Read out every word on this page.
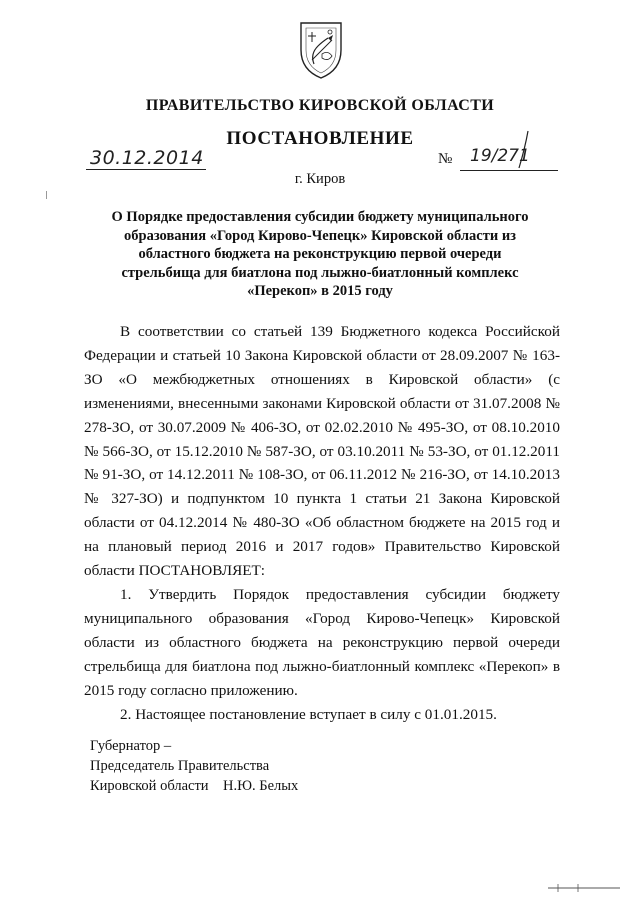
ПРАВИТЕЛЬСТВО КИРОВСКОЙ ОБЛАСТИ
ПОСТАНОВЛЕНИЕ
30.12.2014	№ 19/271
г. Киров
О Порядке предоставления субсидии бюджету муниципального образования «Город Кирово-Чепецк» Кировской области из областного бюджета на реконструкцию первой очереди стрельбища для биатлона под лыжно-биатлонный комплекс «Перекоп» в 2015 году

В соответствии со статьей 139 Бюджетного кодекса Российской Федерации и статьей 10 Закона Кировской области от 28.09.2007 № 163-ЗО «О межбюджетных отношениях в Кировской области» (с изменениями, внесенными законами Кировской области от 31.07.2008 № 278-ЗО, от 30.07.2009 № 406-ЗО, от 02.02.2010 № 495-ЗО, от 08.10.2010 № 566-ЗО, от 15.12.2010 № 587-ЗО, от 03.10.2011 № 53-ЗО, от 01.12.2011 № 91-ЗО, от 14.12.2011 № 108-ЗО, от 06.11.2012 № 216-ЗО, от 14.10.2013 № 327-ЗО) и подпунктом 10 пункта 1 статьи 21 Закона Кировской области от 04.12.2014 № 480-ЗО «Об областном бюджете на 2015 год и на плановый период 2016 и 2017 годов» Правительство Кировской области ПОСТАНОВЛЯЕТ:

1. Утвердить Порядок предоставления субсидии бюджету муниципального образования «Город Кирово-Чепецк» Кировской области из областного бюджета на реконструкцию первой очереди стрельбища для биатлона под лыжно-биатлонный комплекс «Перекоп» в 2015 году согласно приложению.

2. Настоящее постановление вступает в силу с 01.01.2015.

Губернатор –
Председатель Правительства
Кировской области    Н.Ю. Белых
